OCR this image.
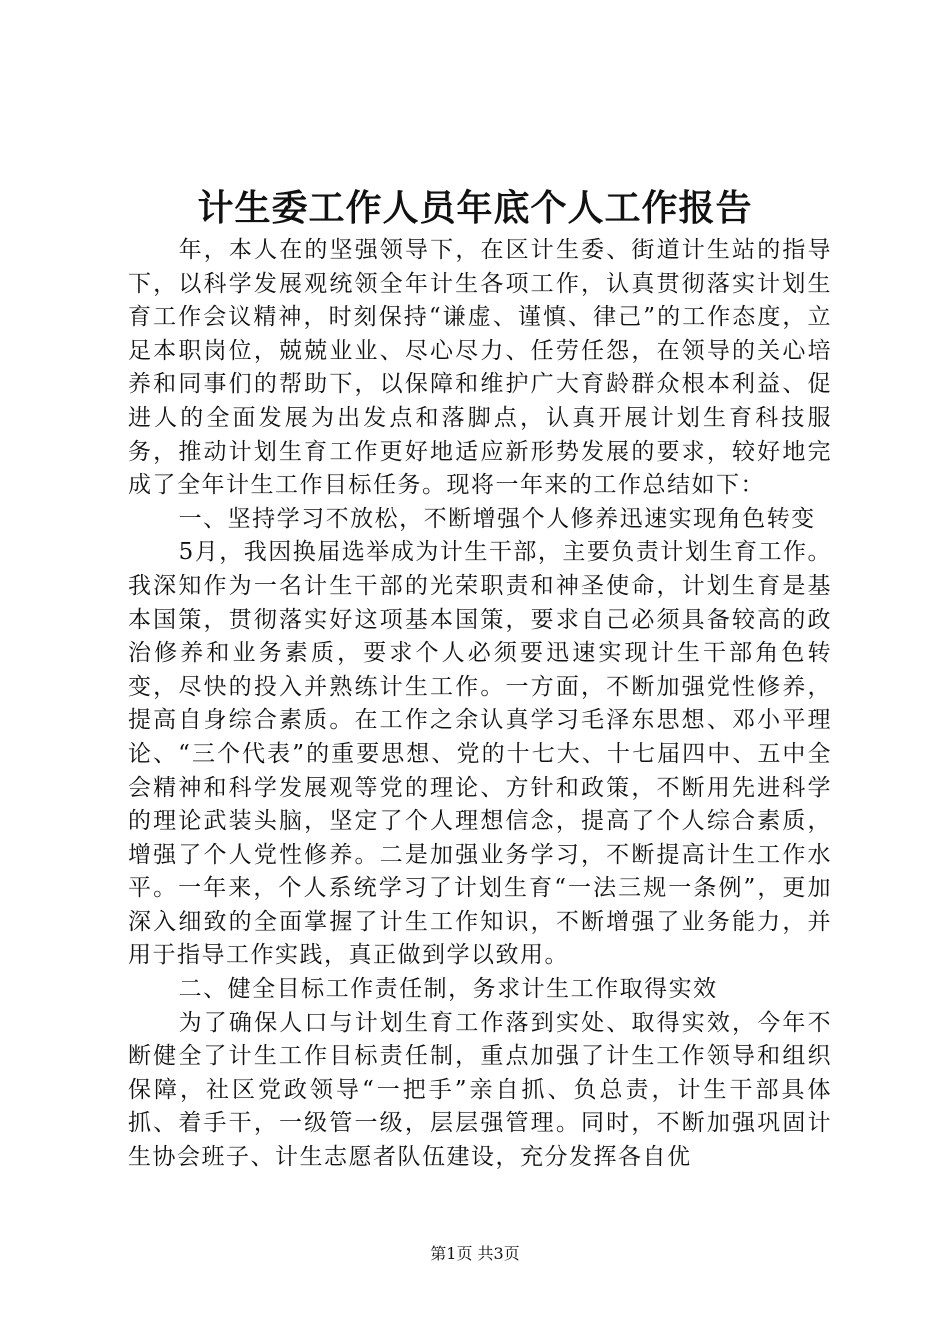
计生委工作人员年底个人工作报告

年，本人在的坚强领导下，在区计生委、街道计生站的指导下，以科学发展观统领全年计生各项工作，认真贯彻落实计划生育工作会议精神，时刻保持“谦虚、谨慎、律己”的工作态度，立足本职岗位，兢兢业业、尽心尽力、任劳任怨，在领导的关心培养和同事们的帮助下，以保障和维护广大育龄群众根本利益、促进人的全面发展为出发点和落脚点，认真开展计划生育科技服务，推动计划生育工作更好地适应新形势发展的要求，较好地完成了全年计生工作目标任务。现将一年来的工作总结如下：

一、坚持学习不放松，不断增强个人修养迅速实现角色转变

5月，我因换届选举成为计生干部，主要负责计划生育工作。我深知作为一名计生干部的光荣职责和神圣使命，计划生育是基本国策，贯彻落实好这项基本国策，要求自己必须具备较高的政治修养和业务素质，要求个人必须要迅速实现计生干部角色转变，尽快的投入并熟练计生工作。一方面，不断加强党性修养，提高自身综合素质。在工作之余认真学习毛泽东思想、邓小平理论、“三个代表”的重要思想、党的十七大、十七届四中、五中全会精神和科学发展观等党的理论、方针和政策，不断用先进科学的理论武装头脑，坚定了个人理想信念，提高了个人综合素质，增强了个人党性修养。二是加强业务学习，不断提高计生工作水平。一年来，个人系统学习了计划生育“一法三规一条例”，更加深入细致的全面掌握了计生工作知识，不断增强了业务能力，并用于指导工作实践，真正做到学以致用。

二、健全目标工作责任制，务求计生工作取得实效

为了确保人口与计划生育工作落到实处、取得实效，今年不断健全了计生工作目标责任制，重点加强了计生工作领导和组织保障，社区党政领导“一把手”亲自抓、负总责，计生干部具体抓、着手干，一级管一级，层层强管理。同时，不断加强巩固计生协会班子、计生志愿者队伍建设，充分发挥各自优

第1页 共3页
